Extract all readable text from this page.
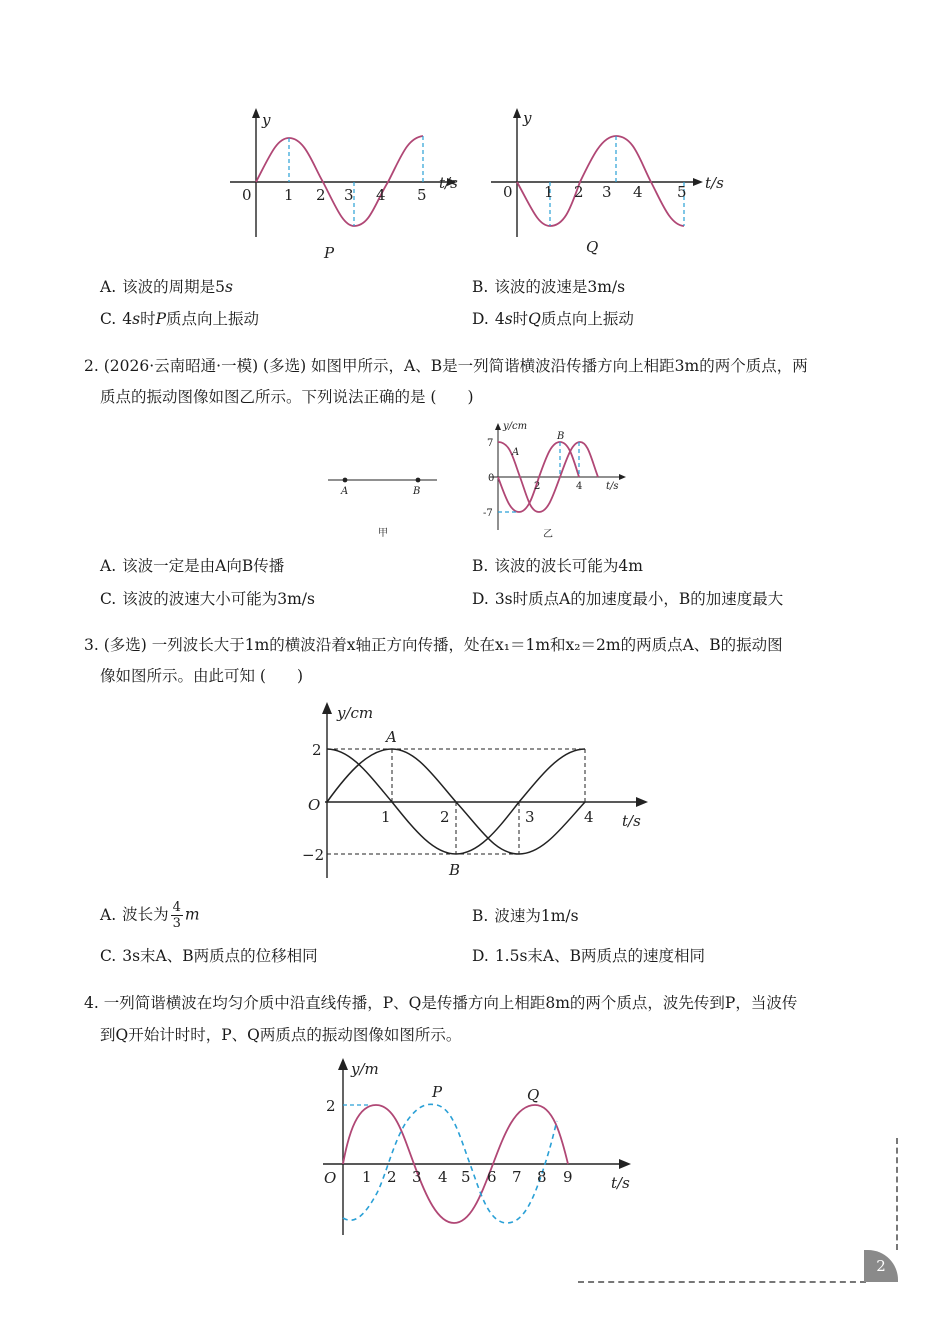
y
t/s
0 1 2 3 4 5
P
y
t/s
0 1 2 3 4 5
Q
A. 该波的周期是5s	B. 该波的波速是3m/s
C. 4s时P质点向上振动	D. 4s时Q质点向上振动
2. (2026·云南昭通·一模) (多选) 如图甲所示，A、B是一列简谐横波沿传播方向上相距3m的两个质点，两
质点的振动图像如图乙所示。下列说法正确的是 (　　)
A	B
甲
y/cm
t/s
7
-7
0
2	4
A
B
乙
A. 该波一定是由A向B传播	B. 该波的波长可能为4m
C. 该波的波速大小可能为3m/s	D. 3s时质点A的加速度最小，B的加速度最大
3. (多选) 一列波长大于1m的横波沿着x轴正方向传播，处在x₁＝1m和x₂＝2m的两质点A、B的振动图
像如图所示。由此可知 (　　)
y/cm
t/s
2
−2
O
1	2	3	4
A
B
A. 波长为 $\frac{4}{3}$ m	B. 波速为1m/s
C. 3s末A、B两质点的位移相同	D. 1.5s末A、B两质点的速度相同
4. 一列简谐横波在均匀介质中沿直线传播，P、Q是传播方向上相距8m的两个质点，波先传到P，当波传
到Q开始计时时，P、Q两质点的振动图像如图所示。
y/m
t/s
2
O 1 2 3 4 5 6 7 8 9
P	Q
2
